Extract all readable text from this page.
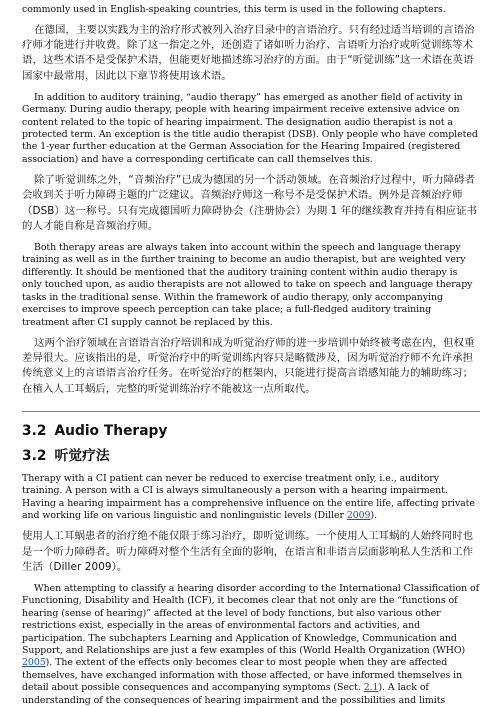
commonly used in English-speaking countries, this term is used in the following chapters.

在德国，主要以实践为主的治疗形式被列入治疗目录中的言语治疗。只有经过适当培训的言语治疗师才能进行并收费。除了这一指定之外，还创造了诸如听力治疗、言语听力治疗或听觉训练等术语，这些术语不是受保护术语，但能更好地描述练习治疗的方面。由于“听觉训练”这一术语在英语国家中最常用，因此以下章节将使用该术语。

In addition to auditory training, “audio therapy” has emerged as another field of activity in Germany. During audio therapy, people with hearing impairment receive extensive advice on content related to the topic of hearing impairment. The designation audio therapist is not a protected term. An exception is the title audio therapist (DSB). Only people who have completed the 1-year further education at the German Association for the Hearing Impaired (registered association) and have a corresponding certificate can call themselves this.

除了听觉训练之外，“音频治疗”已成为德国的另一个活动领域。在音频治疗过程中，听力障碍者会收到关于听力障碍主题的广泛建议。音频治疗师这一称号不是受保护术语。例外是音频治疗师（DSB）这一称号。只有完成德国听力障碍协会（注册协会）为期 1 年的继续教育并持有相应证书的人才能自称是音频治疗师。

Both therapy areas are always taken into account within the speech and language therapy training as well as in the further training to become an audio therapist, but are weighted very differently. It should be mentioned that the auditory training content within audio therapy is only touched upon, as audio therapists are not allowed to take on speech and language therapy tasks in the traditional sense. Within the framework of audio therapy, only accompanying exercises to improve speech perception can take place; a full-fledged auditory training treatment after CI supply cannot be replaced by this.

这两个治疗领域在言语语言治疗培训和成为听觉治疗师的进一步培训中始终被考虑在内，但权重差异很大。应该指出的是，听觉治疗中的听觉训练内容只是略微涉及，因为听觉治疗师不允许承担传统意义上的言语语言治疗任务。在听觉治疗的框架内，只能进行提高言语感知能力的辅助练习；在植入人工耳蜗后，完整的听觉训练治疗不能被这一点所取代。

3.2 Audio Therapy
3.2 听觉疗法

Therapy with a CI patient can never be reduced to exercise treatment only, i.e., auditory training. A person with a CI is always simultaneously a person with a hearing impairment. Having a hearing impairment has a comprehensive influence on the entire life, affecting private and working life on various linguistic and nonlinguistic levels (Diller 2009).

使用人工耳蜗患者的治疗绝不能仅限于练习治疗，即听觉训练。一个使用人工耳蜗的人始终同时也是一个听力障碍者。听力障碍对整个生活有全面的影响，在语言和非语言层面影响私人生活和工作生活（Diller 2009）。

When attempting to classify a hearing disorder according to the International Classification of Functioning, Disability and Health (ICF), it becomes clear that not only are the “functions of hearing (sense of hearing)” affected at the level of body functions, but also various other restrictions exist, especially in the areas of environmental factors and activities, and participation. The subchapters Learning and Application of Knowledge, Communication and Support, and Relationships are just a few examples of this (World Health Organization (WHO) 2005). The extent of the effects only becomes clear to most people when they are affected themselves, have exchanged information with those affected, or have informed themselves in detail about possible consequences and accompanying symptoms (Sect. 2.1). A lack of understanding of the consequences of hearing impairment and the possibilities and limits
